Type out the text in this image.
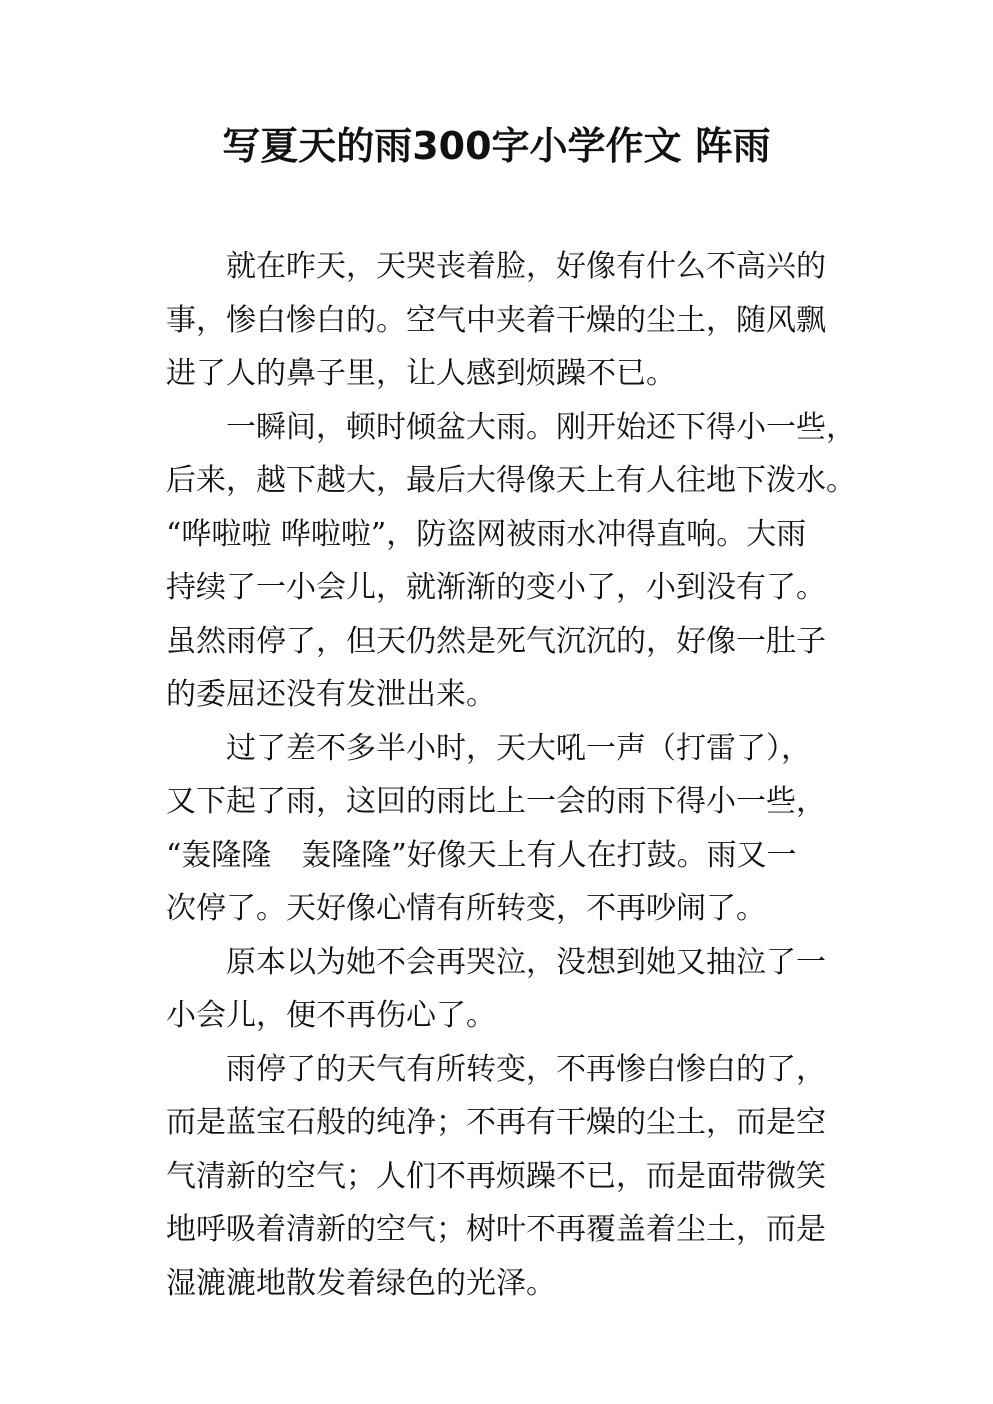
写夏天的雨300字小学作文 阵雨
就在昨天，天哭丧着脸，好像有什么不高兴的
事，惨白惨白的。空气中夹着干燥的尘土，随风飘
进了人的鼻子里，让人感到烦躁不已。
一瞬间，顿时倾盆大雨。刚开始还下得小一些，
后来，越下越大，最后大得像天上有人往地下泼水。
“哗啦啦 哗啦啦”，防盗网被雨水冲得直响。大雨
持续了一小会儿，就渐渐的变小了，小到没有了。
虽然雨停了，但天仍然是死气沉沉的，好像一肚子
的委屈还没有发泄出来。
过了差不多半小时，天大吼一声（打雷了），
又下起了雨，这回的雨比上一会的雨下得小一些，
“轰隆隆　轰隆隆”好像天上有人在打鼓。雨又一
次停了。天好像心情有所转变，不再吵闹了。
原本以为她不会再哭泣，没想到她又抽泣了一
小会儿，便不再伤心了。
雨停了的天气有所转变，不再惨白惨白的了，
而是蓝宝石般的纯净；不再有干燥的尘土，而是空
气清新的空气；人们不再烦躁不已，而是面带微笑
地呼吸着清新的空气；树叶不再覆盖着尘土，而是
湿漉漉地散发着绿色的光泽。
